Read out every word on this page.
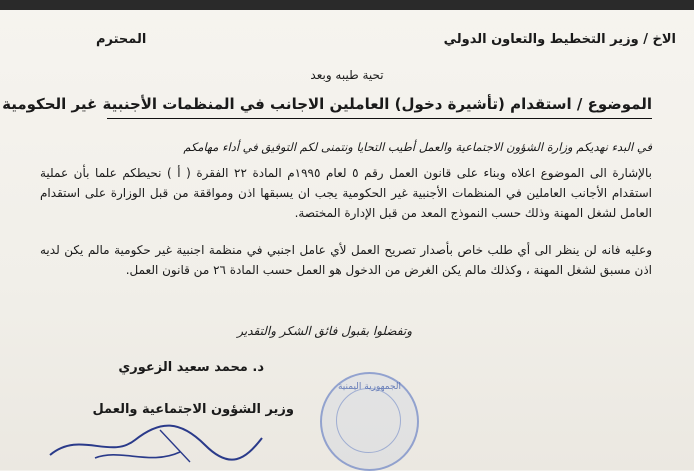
الاخ / وزير التخطيط والتعاون الدولي
المحترم
تحية طيبه وبعد
الموضوع / استقدام (تأشيرة دخول) العاملين الاجانب في المنظمات الأجنبية غير الحكومية
في البدء نهديكم وزارة الشؤون الاجتماعية والعمل أطيب التحايا ونتمنى لكم التوفيق في أداء مهامكم
بالإشارة الى الموضوع اعلاه وبناء على قانون العمل رقم ٥ لعام ١٩٩٥م المادة ٢٢ الفقرة ( أ ) نحيطكم علما بأن عملية استقدام الأجانب العاملين في المنظمات الأجنبية غير الحكومية يجب ان يسبقها اذن ومواققة من قبل الوزارة على استقدام العامل لشغل المهنة وذلك حسب النموذج المعد من قبل الإدارة المختصة.
وعليه فانه لن ينظر الى أي طلب خاص بأصدار تصريح العمل لأي عامل اجنبي في منظمة اجنبية غير حكومية مالم يكن لديه اذن مسبق لشغل المهنة ، وكذلك مالم يكن الغرض من الدخول هو العمل حسب المادة ٢٦ من قانون العمل.
وتفضلوا بقبول فائق الشكر والتقدير
د. محمد سعيد الزعوري
الجمهورية اليمنية
وزير الشؤون الاجتماعية والعمل
